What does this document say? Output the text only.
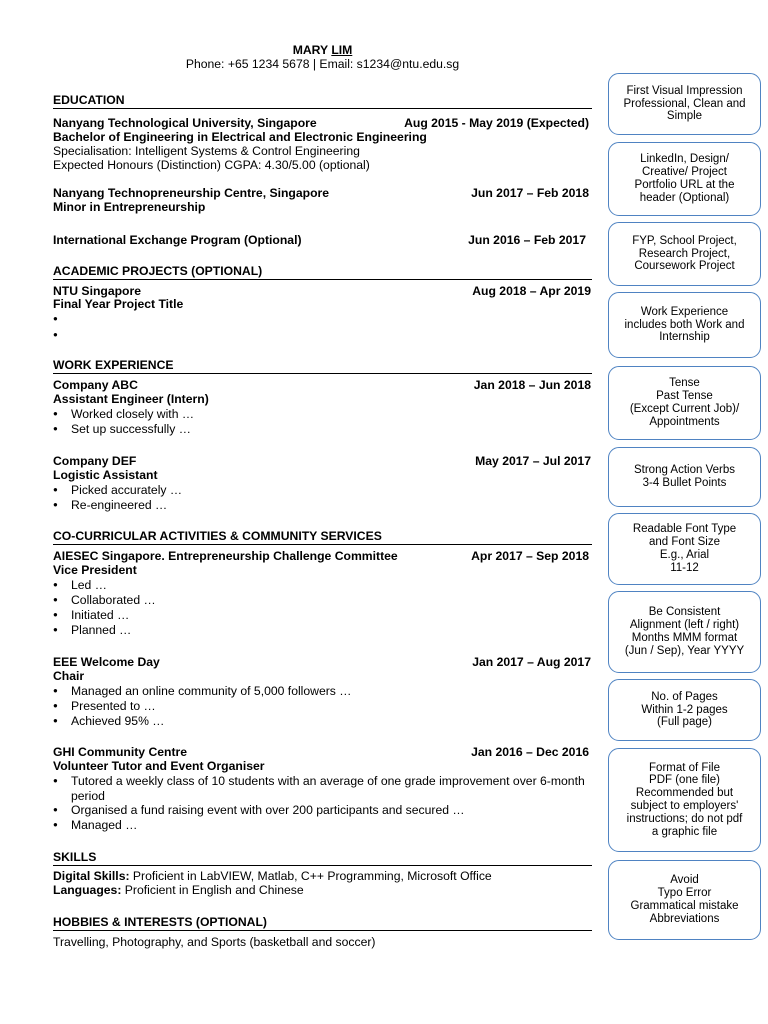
MARY LIM
Phone: +65 1234 5678 | Email: s1234@ntu.edu.sg
EDUCATION
Nanyang Technological University, Singapore	Aug 2015 - May 2019 (Expected)
Bachelor of Engineering in Electrical and Electronic Engineering
Specialisation: Intelligent Systems & Control Engineering
Expected Honours (Distinction) CGPA: 4.30/5.00 (optional)
Nanyang Technopreneurship Centre, Singapore	Jun 2017 – Feb 2018
Minor in Entrepreneurship
International Exchange Program (Optional)	Jun 2016 – Feb 2017
ACADEMIC PROJECTS (OPTIONAL)
NTU Singapore	Aug 2018 – Apr 2019
Final Year Project Title
●
●
WORK EXPERIENCE
Company ABC	Jan 2018 – Jun 2018
Assistant Engineer (Intern)
● Worked closely with …
● Set up successfully …
Company DEF	May 2017 – Jul 2017
Logistic Assistant
● Picked accurately …
● Re-engineered …
CO-CURRICULAR ACTIVITIES & COMMUNITY SERVICES
AIESEC Singapore. Entrepreneurship Challenge Committee	Apr 2017 – Sep 2018
Vice President
● Led …
● Collaborated …
● Initiated …
● Planned …
EEE Welcome Day	Jan 2017 – Aug 2017
Chair
● Managed an online community of 5,000 followers …
● Presented to …
● Achieved 95% …
GHI Community Centre	Jan 2016 – Dec 2016
Volunteer Tutor and Event Organiser
● Tutored a weekly class of 10 students with an average of one grade improvement over 6-month period
● Organised a fund raising event with over 200 participants and secured …
● Managed …
SKILLS
Digital Skills: Proficient in LabVIEW, Matlab, C++ Programming, Microsoft Office
Languages: Proficient in English and Chinese
HOBBIES & INTERESTS (OPTIONAL)
Travelling, Photography, and Sports (basketball and soccer)
First Visual Impression
Professional, Clean and
Simple
LinkedIn, Design/
Creative/ Project
Portfolio URL at the
header (Optional)
FYP, School Project,
Research Project,
Coursework Project
Work Experience
includes both Work and
Internship
Tense
Past Tense
(Except Current Job)/
Appointments
Strong Action Verbs
3-4 Bullet Points
Readable Font Type
and Font Size
E.g., Arial
11-12
Be Consistent
Alignment (left / right)
Months MMM format
(Jun / Sep), Year YYYY
No. of Pages
Within 1-2 pages
(Full page)
Format of File
PDF (one file)
Recommended but
subject to employers'
instructions; do not pdf
a graphic file
Avoid
Typo Error
Grammatical mistake
Abbreviations
